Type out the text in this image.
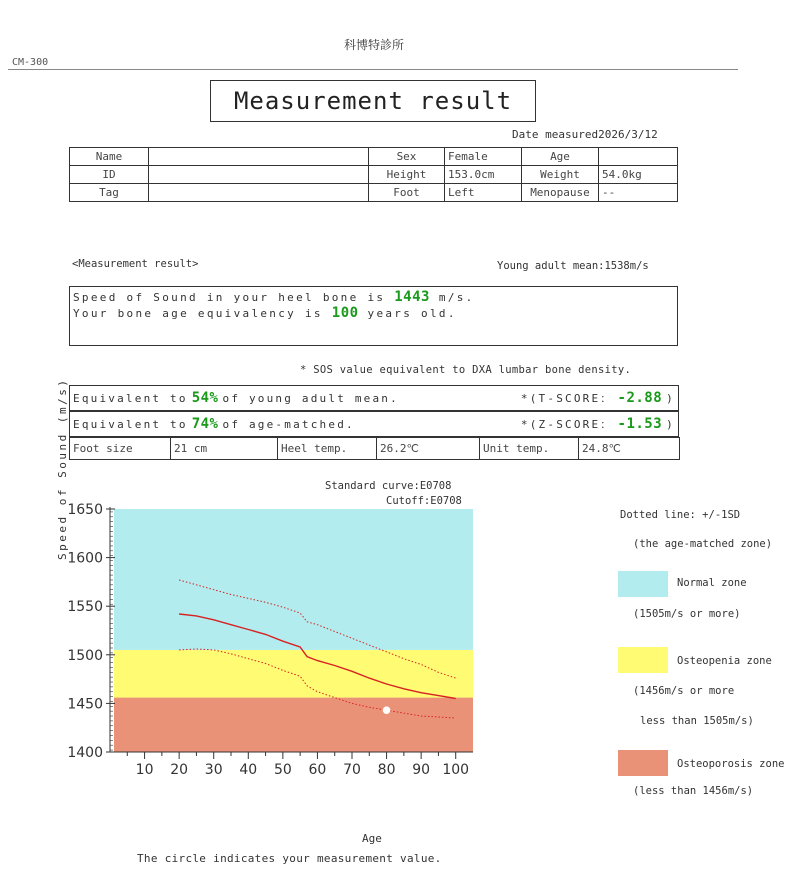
科博特診所
CM-300
Measurement result
Date measured2026/3/12
Name		Sex	Female	Age	
ID		Height	153.0cm	Weight	54.0kg
Tag		Foot	Left	Menopause	--
<Measurement result>	Young adult mean:1538m/s
Speed of Sound in your heel bone is 1443 m/s.
Your bone age equivalency is 100 years old.
* SOS value equivalent to DXA lumbar bone density.
Equivalent to 54% of young adult mean.	*(T-SCORE： -2.88 )
Equivalent to 74% of age-matched.	*(Z-SCORE： -1.53 )
Foot size	21 cm	Heel temp.	26.2℃	Unit temp.	24.8℃
Standard curve:E0708
Cutoff:E0708
Speed of Sound (m/s)
1400
1450
1500
1550
1600
1650
10 20 30 40 50 60 70 80 90 100
Age
The circle indicates your measurement value.
Dotted line: +/-1SD
(the age-matched zone)
Normal zone
(1505m/s or more)
Osteopenia zone
(1456m/s or more
less than 1505m/s)
Osteoporosis zone
(less than 1456m/s)
